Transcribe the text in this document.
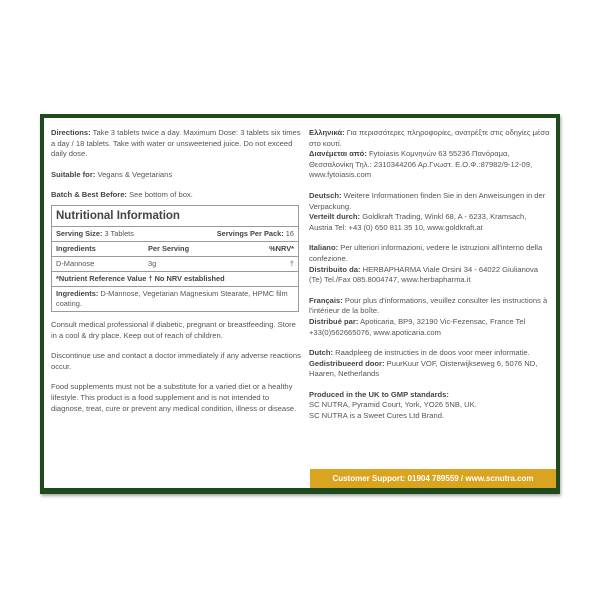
Directions: Take 3 tablets twice a day. Maximum Dose: 3 tablets six times a day / 18 tablets. Take with water or unsweetened juice. Do not exceed daily dose.

Suitable for: Vegans & Vegetarians

Batch & Best Before: See bottom of box.

Nutritional Information
Serving Size: 3 Tablets	Servings Per Pack: 16
Ingredients	Per Serving	%NRV*
D-Mannose	3g	†
*Nutrient Reference Value † No NRV established
Ingredients: D-Mannose, Vegetarian Magnesium Stearate, HPMC film coating.

Consult medical professional if diabetic, pregnant or breastfeeding. Store in a cool & dry place. Keep out of reach of children.

Discontinue use and contact a doctor immediately if any adverse reactions occur.

Food supplements must not be a substitute for a varied diet or a healthy lifestyle. This product is a food supplement and is not intended to diagnose, treat, cure or prevent any medical condition, illness or disease.

Ελληνικά: Για περισσότερες πληροφορίες, ανατρέξτε στις οδηγίες μέσα στο κουτί.

Διανέμεται από: Fytoiasis Κομνηνών 63 55236 Πανόραμα, Θεσσαλονίκη Τηλ.: 2310344206 Αρ.Γνωστ. Ε.Ο.Φ.:87982/9-12-09, www.fytoiasis.com

Deutsch: Weitere Informationen finden Sie in den Anweisungen in der Verpackung.

Verteilt durch: Goldkraft Trading, Winkl 68, A - 6233, Kramsach, Austria Tel: +43 (0) 650 811 35 10, www.goldkraft.at

Italiano: Per ulteriori informazioni, vedere le istruzioni all'interno della confezione.

Distribuito da: HERBAPHARMA Viale Orsini 34 - 64022 Giulianova (Te) Tel./Fax 085.8004747, www.herbapharma.it

Français: Pour plus d'informations, veuillez consulter les instructions à l'intérieur de la boîte.

Distribué par: Apoticaria, BP9, 32190 Vic-Fezensac, France Tel +33(0)562665076, www.apoticaria.com

Dutch: Raadpleeg de instructies in de doos voor meer informatie.

Gedistribueerd door: PuurKuur VOF, Oisterwijkseweg 6, 5076 ND, Haaren, Netherlands

Produced in the UK to GMP standards:

SC NUTRA, Pyramid Court, York, YO26 5NB, UK.

SC NUTRA is a Sweet Cures Ltd Brand.

Customer Support: 01904 789559 / www.scnutra.com
